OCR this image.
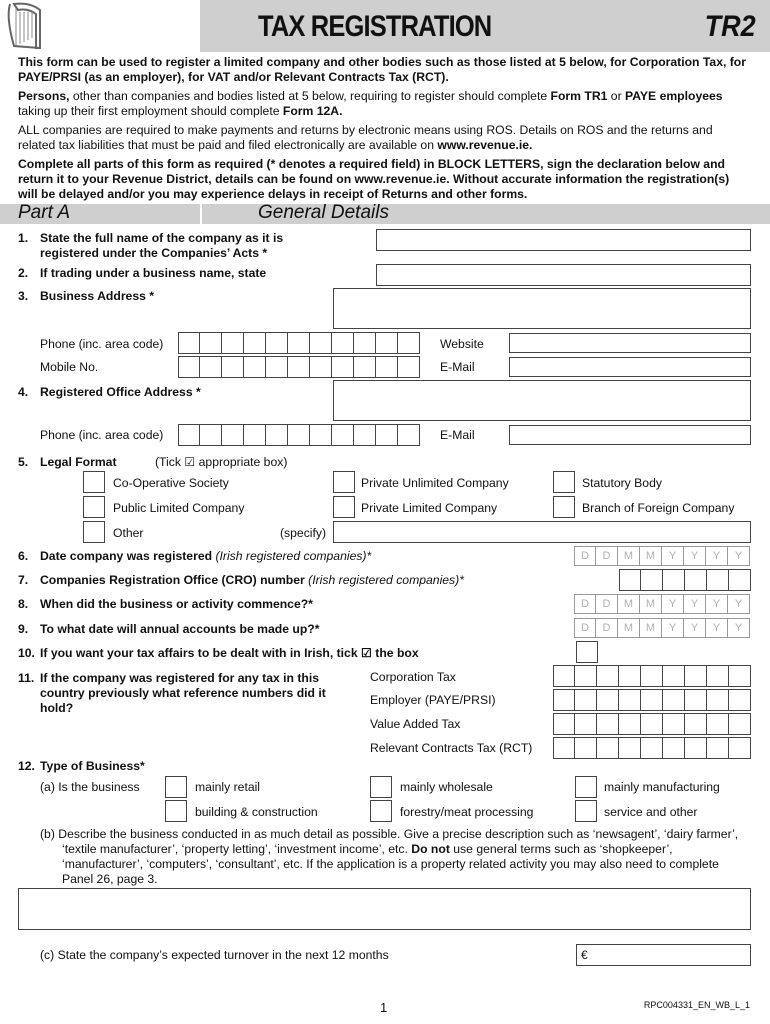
TAX REGISTRATION	TR2
This form can be used to register a limited company and other bodies such as those listed at 5 below, for Corporation Tax, for PAYE/PRSI (as an employer), for VAT and/or Relevant Contracts Tax (RCT).
Persons, other than companies and bodies listed at 5 below, requiring to register should complete Form TR1 or PAYE employees taking up their first employment should complete Form 12A.
ALL companies are required to make payments and returns by electronic means using ROS. Details on ROS and the returns and related tax liabilities that must be paid and filed electronically are available on www.revenue.ie.
Complete all parts of this form as required (* denotes a required field) in BLOCK LETTERS, sign the declaration below and return it to your Revenue District, details can be found on www.revenue.ie. Without accurate information the registration(s) will be delayed and/or you may experience delays in receipt of Returns and other forms.
Part A	General Details
1. State the full name of the company as it is registered under the Companies’ Acts *
2. If trading under a business name, state
3. Business Address *
Phone (inc. area code)	Website
Mobile No.	E-Mail
4. Registered Office Address *
Phone (inc. area code)	E-Mail
5. Legal Format	(Tick ☑ appropriate box)
Co-Operative Society	Private Unlimited Company	Statutory Body
Public Limited Company	Private Limited Company	Branch of Foreign Company
Other	(specify)
6. Date company was registered (Irish registered companies)*	D	D	M	M	Y	Y	Y	Y
7. Companies Registration Office (CRO) number (Irish registered companies)*
8. When did the business or activity commence?*	D	D	M	M	Y	Y	Y	Y
9. To what date will annual accounts be made up?*	D	D	M	M	Y	Y	Y	Y
10. If you want your tax affairs to be dealt with in Irish, tick ☑ the box
11. If the company was registered for any tax in this country previously what reference numbers did it hold?
Corporation Tax
Employer (PAYE/PRSI)
Value Added Tax
Relevant Contracts Tax (RCT)
12. Type of Business*
(a) Is the business	mainly retail	mainly wholesale	mainly manufacturing
building & construction	forestry/meat processing	service and other
(b) Describe the business conducted in as much detail as possible. Give a precise description such as ‘newsagent’, ‘dairy farmer’, ‘textile manufacturer’, ‘property letting’, ‘investment income’, etc. Do not use general terms such as ‘shopkeeper’, ‘manufacturer’, ‘computers’, ‘consultant’, etc. If the application is a property related activity you may also need to complete Panel 26, page 3.
(c) State the company’s expected turnover in the next 12 months	€
1	RPC004331_EN_WB_L_1
